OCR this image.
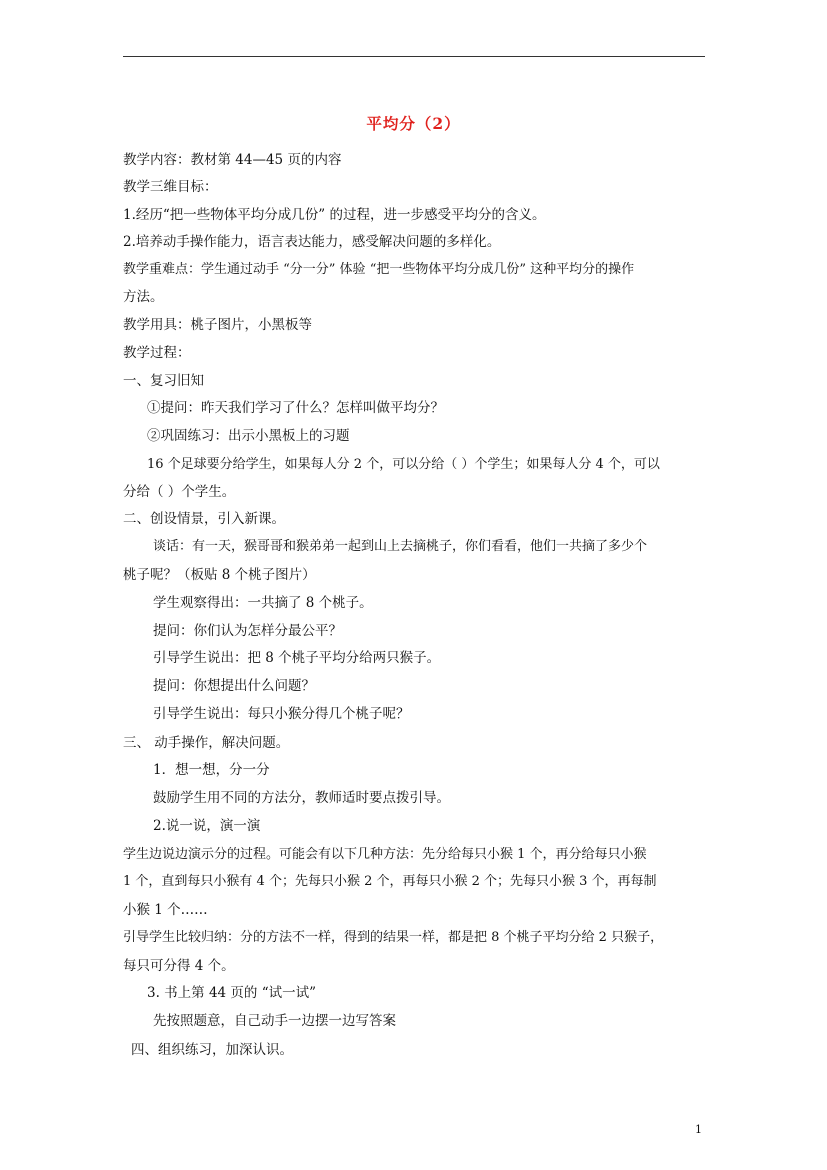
平均分（2）
教学内容：教材第 44—45 页的内容
教学三维目标：
1.经历“把一些物体平均分成几份” 的过程，进一步感受平均分的含义。
2.培养动手操作能力，语言表达能力，感受解决问题的多样化。
教学重难点：学生通过动手 “分一分” 体验 “把一些物体平均分成几份” 这种平均分的操作
方法。
教学用具：桃子图片，小黑板等
教学过程：
一、复习旧知
①提问：昨天我们学习了什么？怎样叫做平均分？
②巩固练习：出示小黑板上的习题
16 个足球要分给学生，如果每人分 2 个，可以分给（ ）个学生；如果每人分 4 个，可以
分给（ ）个学生。
二、创设情景，引入新课。
谈话：有一天，猴哥哥和猴弟弟一起到山上去摘桃子，你们看看，他们一共摘了多少个
桃子呢？（板贴 8 个桃子图片）
学生观察得出：一共摘了 8 个桃子。
提问：你们认为怎样分最公平？
引导学生说出：把 8 个桃子平均分给两只猴子。
提问：你想提出什么问题？
引导学生说出：每只小猴分得几个桃子呢？
三、 动手操作，解决问题。
1．想一想，分一分
鼓励学生用不同的方法分，教师适时要点拨引导。
2.说一说，演一演
学生边说边演示分的过程。可能会有以下几种方法：先分给每只小猴 1 个，再分给每只小猴
1 个，直到每只小猴有 4 个；先每只小猴 2 个，再每只小猴 2 个；先每只小猴 3 个，再每制
小猴 1 个……
引导学生比较归纳：分的方法不一样，得到的结果一样，都是把 8 个桃子平均分给 2 只猴子，
每只可分得 4 个。
3. 书上第 44 页的 “试一试”
先按照题意，自己动手一边摆一边写答案
四、组织练习，加深认识。
1
